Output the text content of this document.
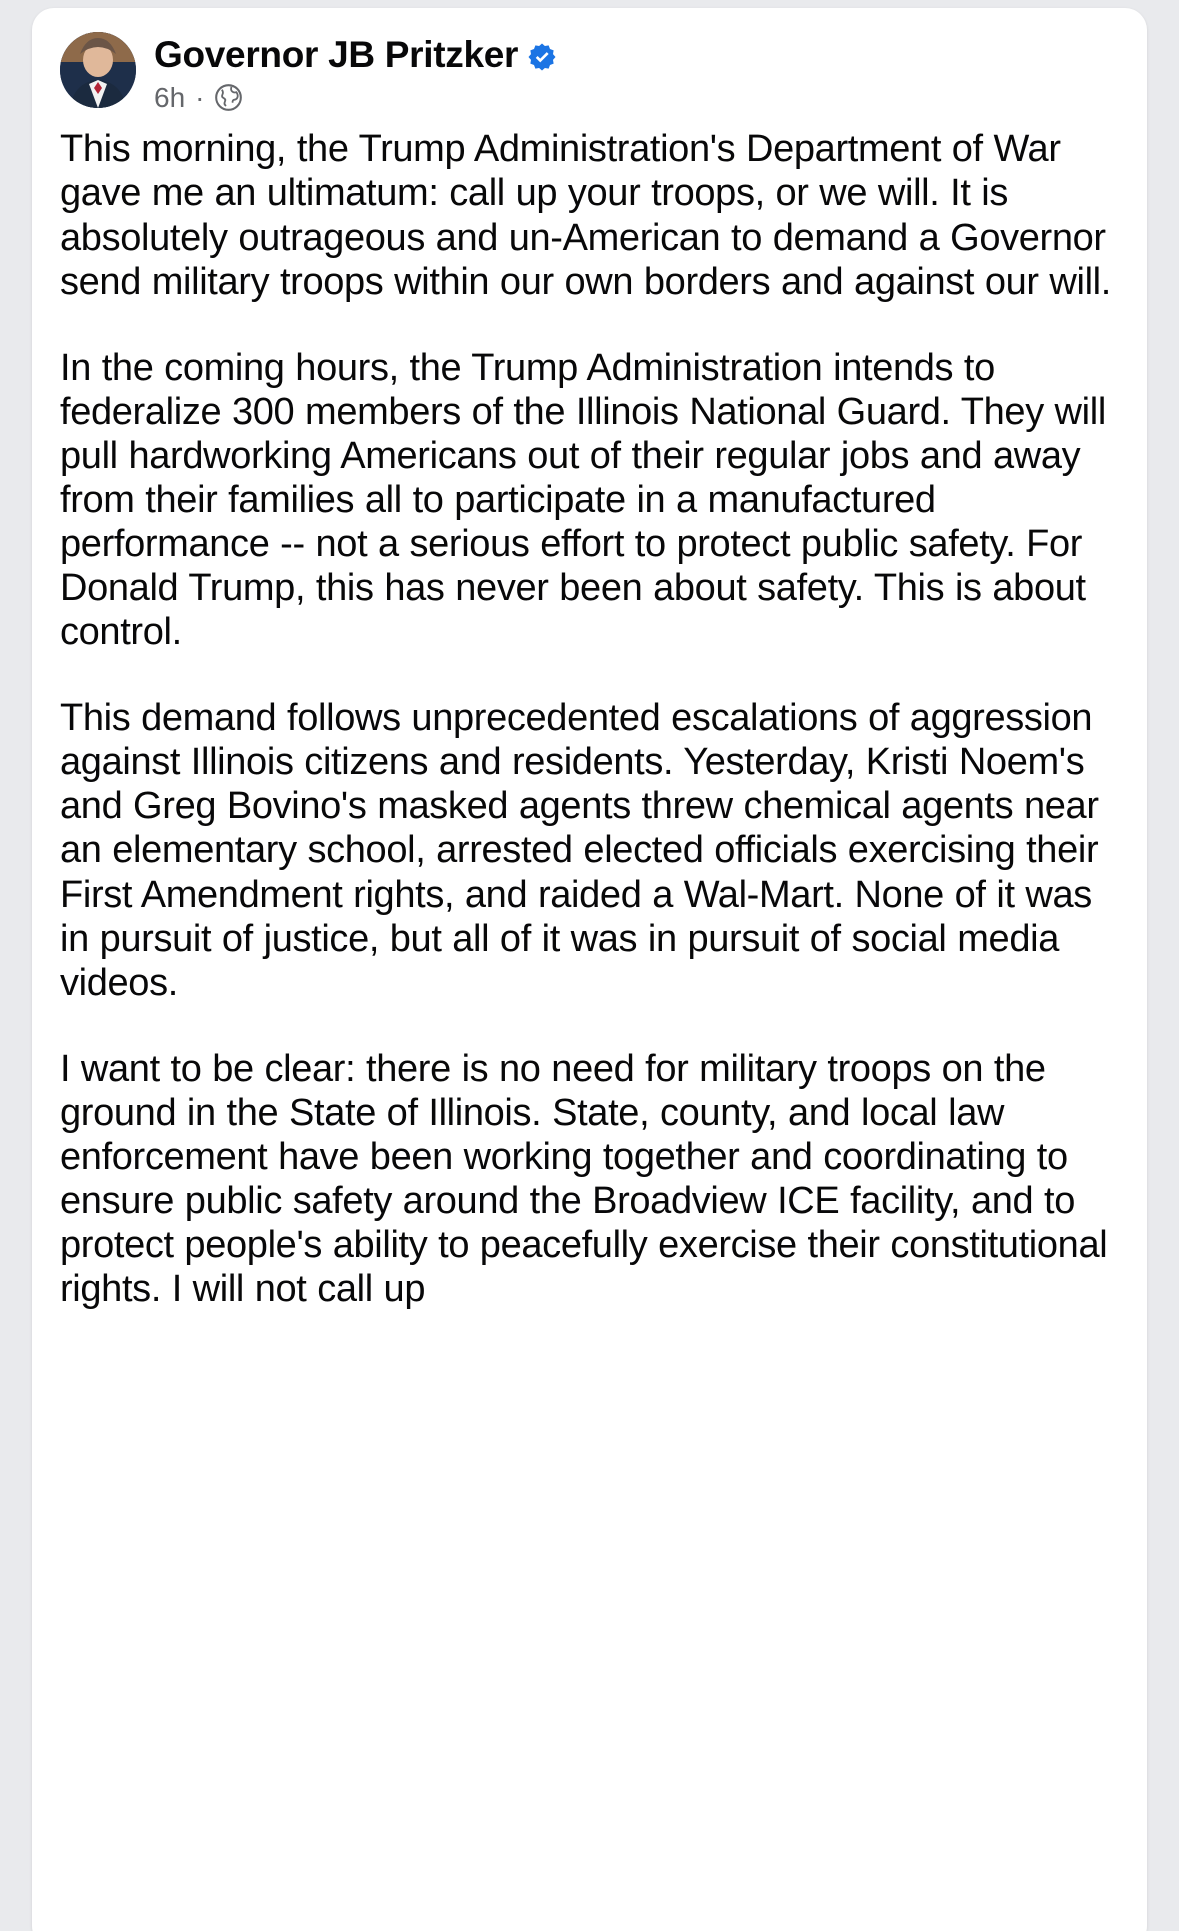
Governor JB Pritzker
6h ·

This morning, the Trump Administration's Department of War gave me an ultimatum: call up your troops, or we will. It is absolutely outrageous and un-American to demand a Governor send military troops within our own borders and against our will.

In the coming hours, the Trump Administration intends to federalize 300 members of the Illinois National Guard. They will pull hardworking Americans out of their regular jobs and away from their families all to participate in a manufactured performance -- not a serious effort to protect public safety. For Donald Trump, this has never been about safety. This is about control.

This demand follows unprecedented escalations of aggression against Illinois citizens and residents. Yesterday, Kristi Noem's and Greg Bovino's masked agents threw chemical agents near an elementary school, arrested elected officials exercising their First Amendment rights, and raided a Wal-Mart. None of it was in pursuit of justice, but all of it was in pursuit of social media videos.

I want to be clear: there is no need for military troops on the ground in the State of Illinois. State, county, and local law enforcement have been working together and coordinating to ensure public safety around the Broadview ICE facility, and to protect people's ability to peacefully exercise their constitutional rights. I will not call up
